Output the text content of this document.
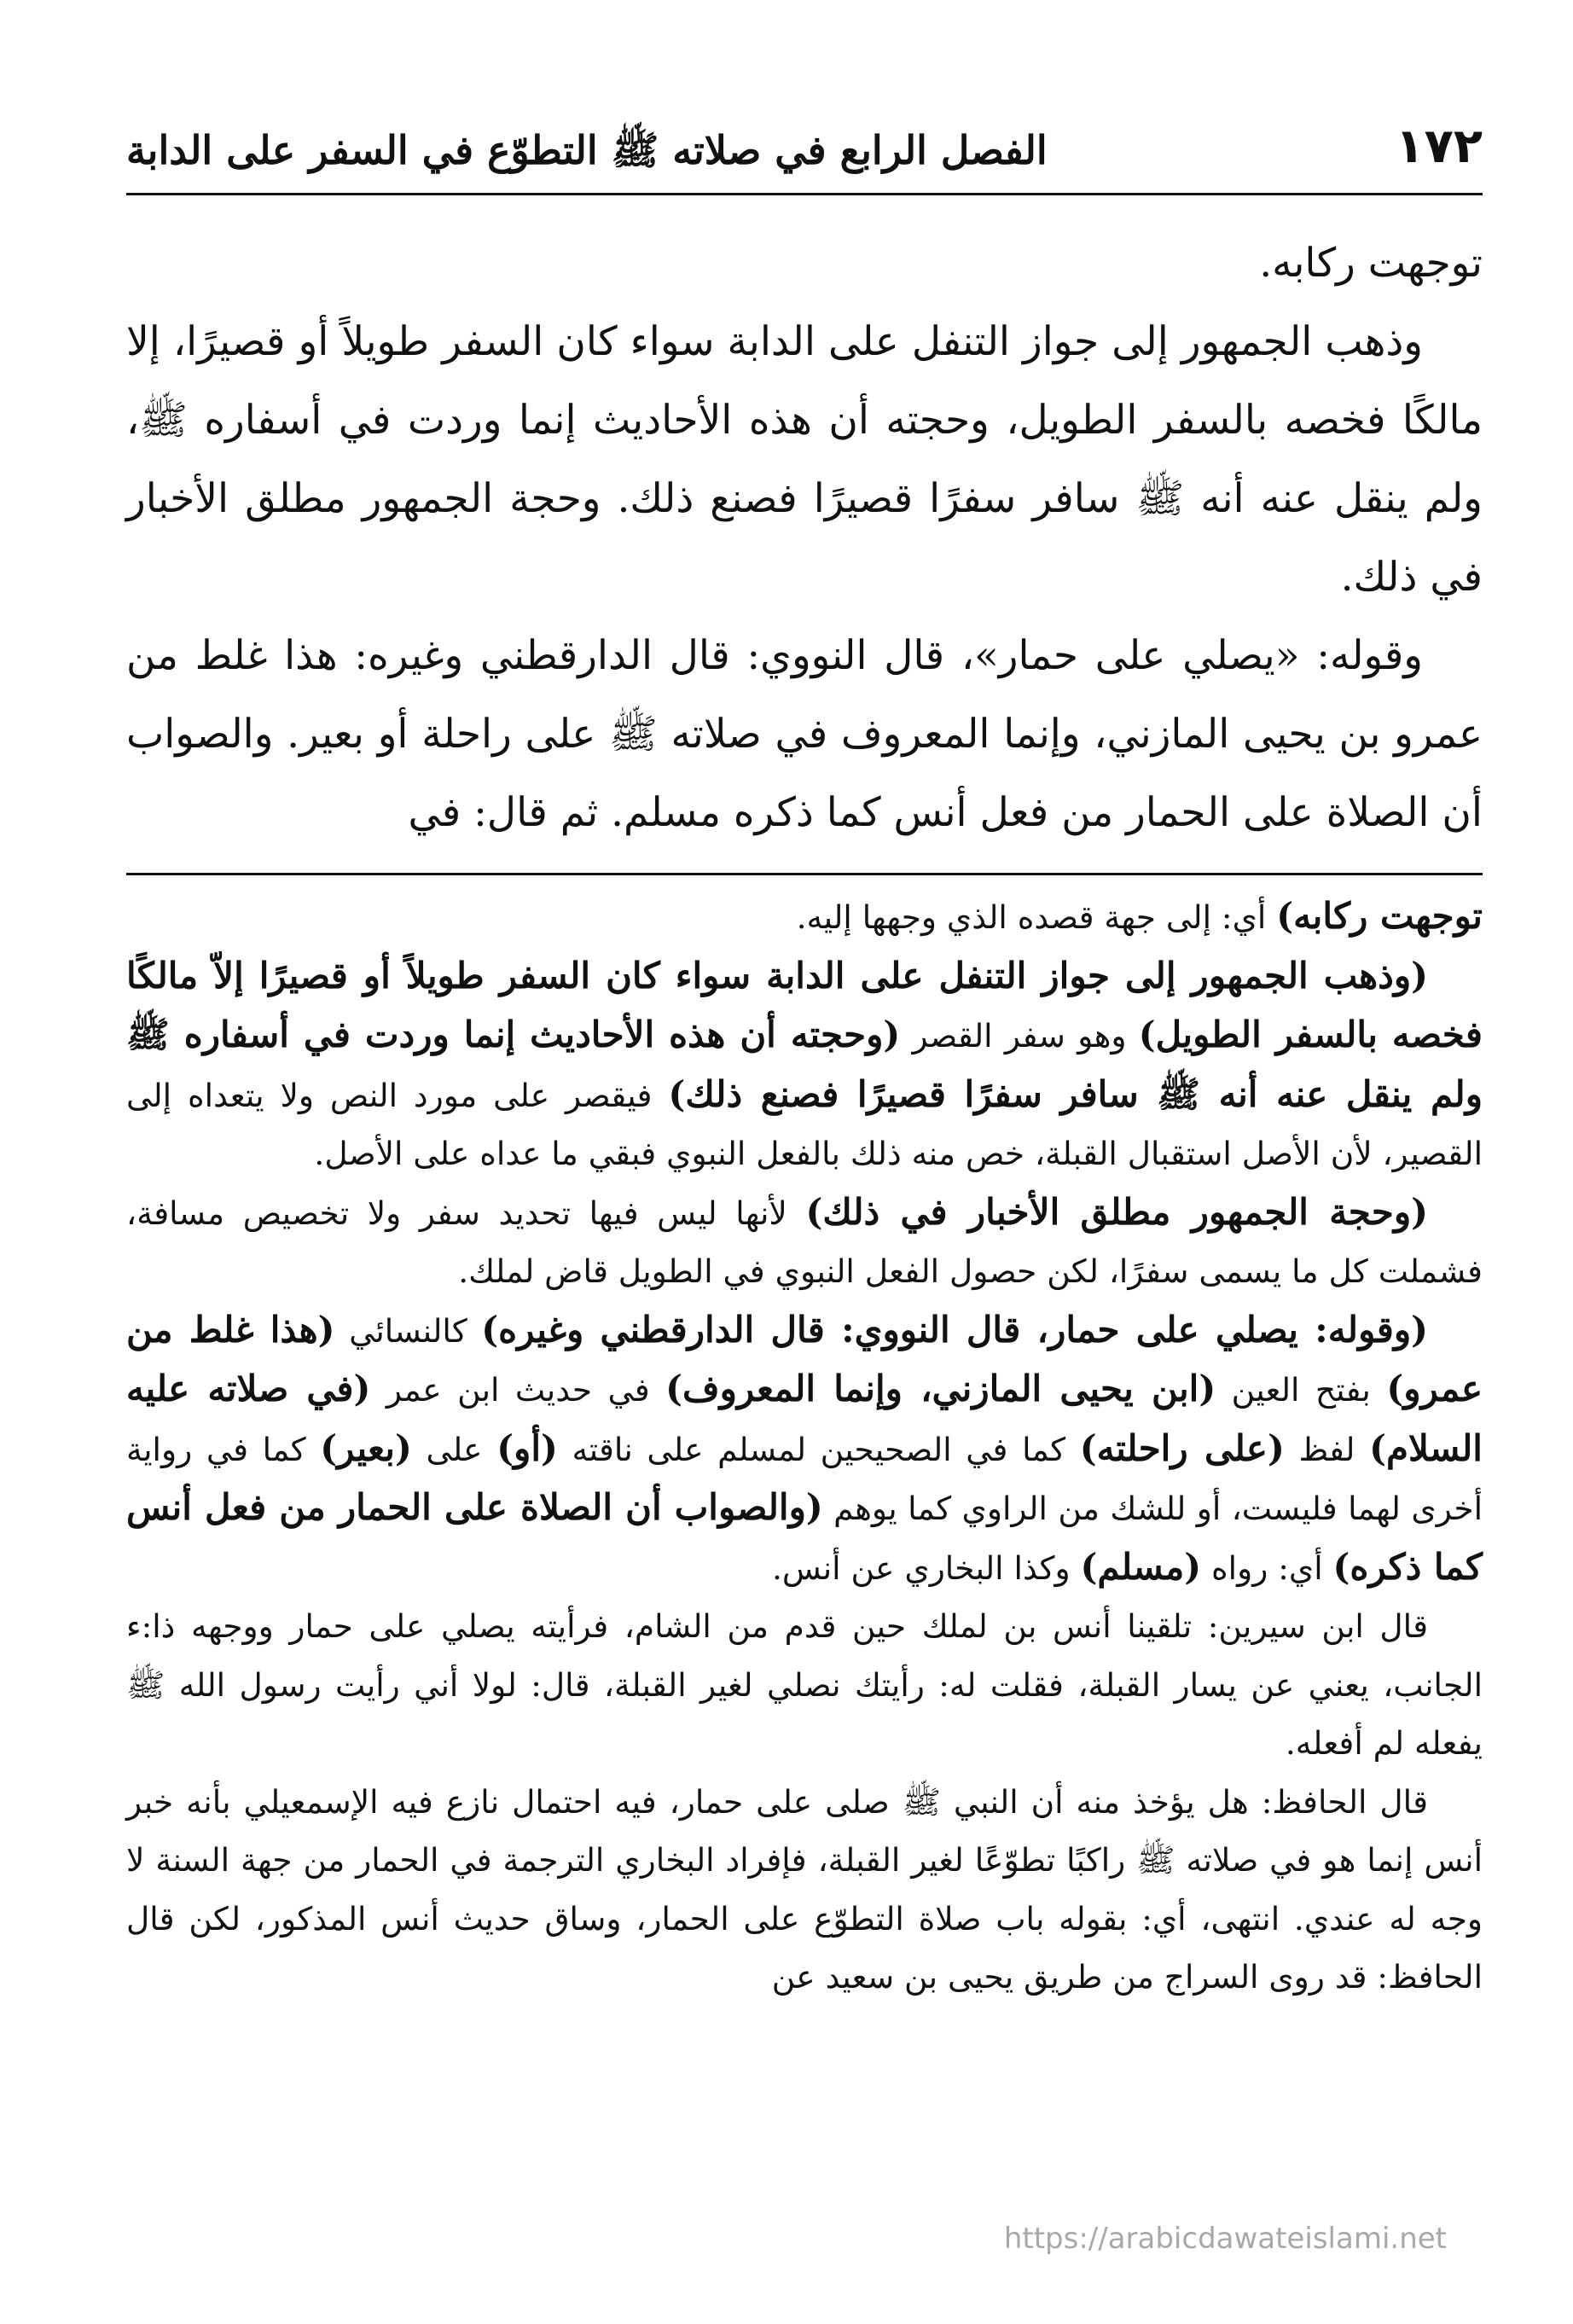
١٧٢
الفصل الرابع في صلاته ﷺ التطوّع في السفر على الدابة

توجهت ركابه.

وذهب الجمهور إلى جواز التنفل على الدابة سواء كان السفر طويلاً أو قصيرًا، إلا مالكًا فخصه بالسفر الطويل، وحجته أن هذه الأحاديث إنما وردت في أسفاره ﷺ، ولم ينقل عنه أنه ﷺ سافر سفرًا قصيرًا فصنع ذلك. وحجة الجمهور مطلق الأخبار في ذلك.

وقوله: «يصلي على حمار»، قال النووي: قال الدارقطني وغيره: هذا غلط من عمرو بن يحيى المازني، وإنما المعروف في صلاته ﷺ على راحلة أو بعير. والصواب أن الصلاة على الحمار من فعل أنس كما ذكره مسلم. ثم قال: في

توجهت ركابه) أي: إلى جهة قصده الذي وجهها إليه.

(وذهب الجمهور إلى جواز التنفل على الدابة سواء كان السفر طويلاً أو قصيرًا إلاّ مالكًا فخصه بالسفر الطويل) وهو سفر القصر (وحجته أن هذه الأحاديث إنما وردت في أسفاره ﷺ ولم ينقل عنه أنه ﷺ سافر سفرًا قصيرًا فصنع ذلك) فيقصر على مورد النص ولا يتعداه إلى القصير، لأن الأصل استقبال القبلة، خص منه ذلك بالفعل النبوي فبقي ما عداه على الأصل.

(وحجة الجمهور مطلق الأخبار في ذلك) لأنها ليس فيها تحديد سفر ولا تخصيص مسافة، فشملت كل ما يسمى سفرًا، لكن حصول الفعل النبوي في الطويل قاض لملك.

(وقوله: يصلي على حمار، قال النووي: قال الدارقطني وغيره) كالنسائي (هذا غلط من عمرو) بفتح العين (ابن يحيى المازني، وإنما المعروف) في حديث ابن عمر (في صلاته عليه السلام) لفظ (على راحلته) كما في الصحيحين لمسلم على ناقته (أو) على (بعير) كما في رواية أخرى لهما فليست، أو للشك من الراوي كما يوهم (والصواب أن الصلاة على الحمار من فعل أنس كما ذكره) أي: رواه (مسلم) وكذا البخاري عن أنس.

قال ابن سيرين: تلقينا أنس بن لملك حين قدم من الشام، فرأيته يصلي على حمار ووجهه ذا:ء الجانب، يعني عن يسار القبلة، فقلت له: رأيتك نصلي لغير القبلة، قال: لولا أني رأيت رسول الله ﷺ يفعله لم أفعله.

قال الحافظ: هل يؤخذ منه أن النبي ﷺ صلى على حمار، فيه احتمال نازع فيه الإسمعيلي بأنه خبر أنس إنما هو في صلاته ﷺ راكبًا تطوّعًا لغير القبلة، فإفراد البخاري الترجمة في الحمار من جهة السنة لا وجه له عندي. انتهى، أي: بقوله باب صلاة التطوّع على الحمار، وساق حديث أنس المذكور، لكن قال الحافظ: قد روى السراج من طريق يحيى بن سعيد عن

https://arabicdawateislami.net
